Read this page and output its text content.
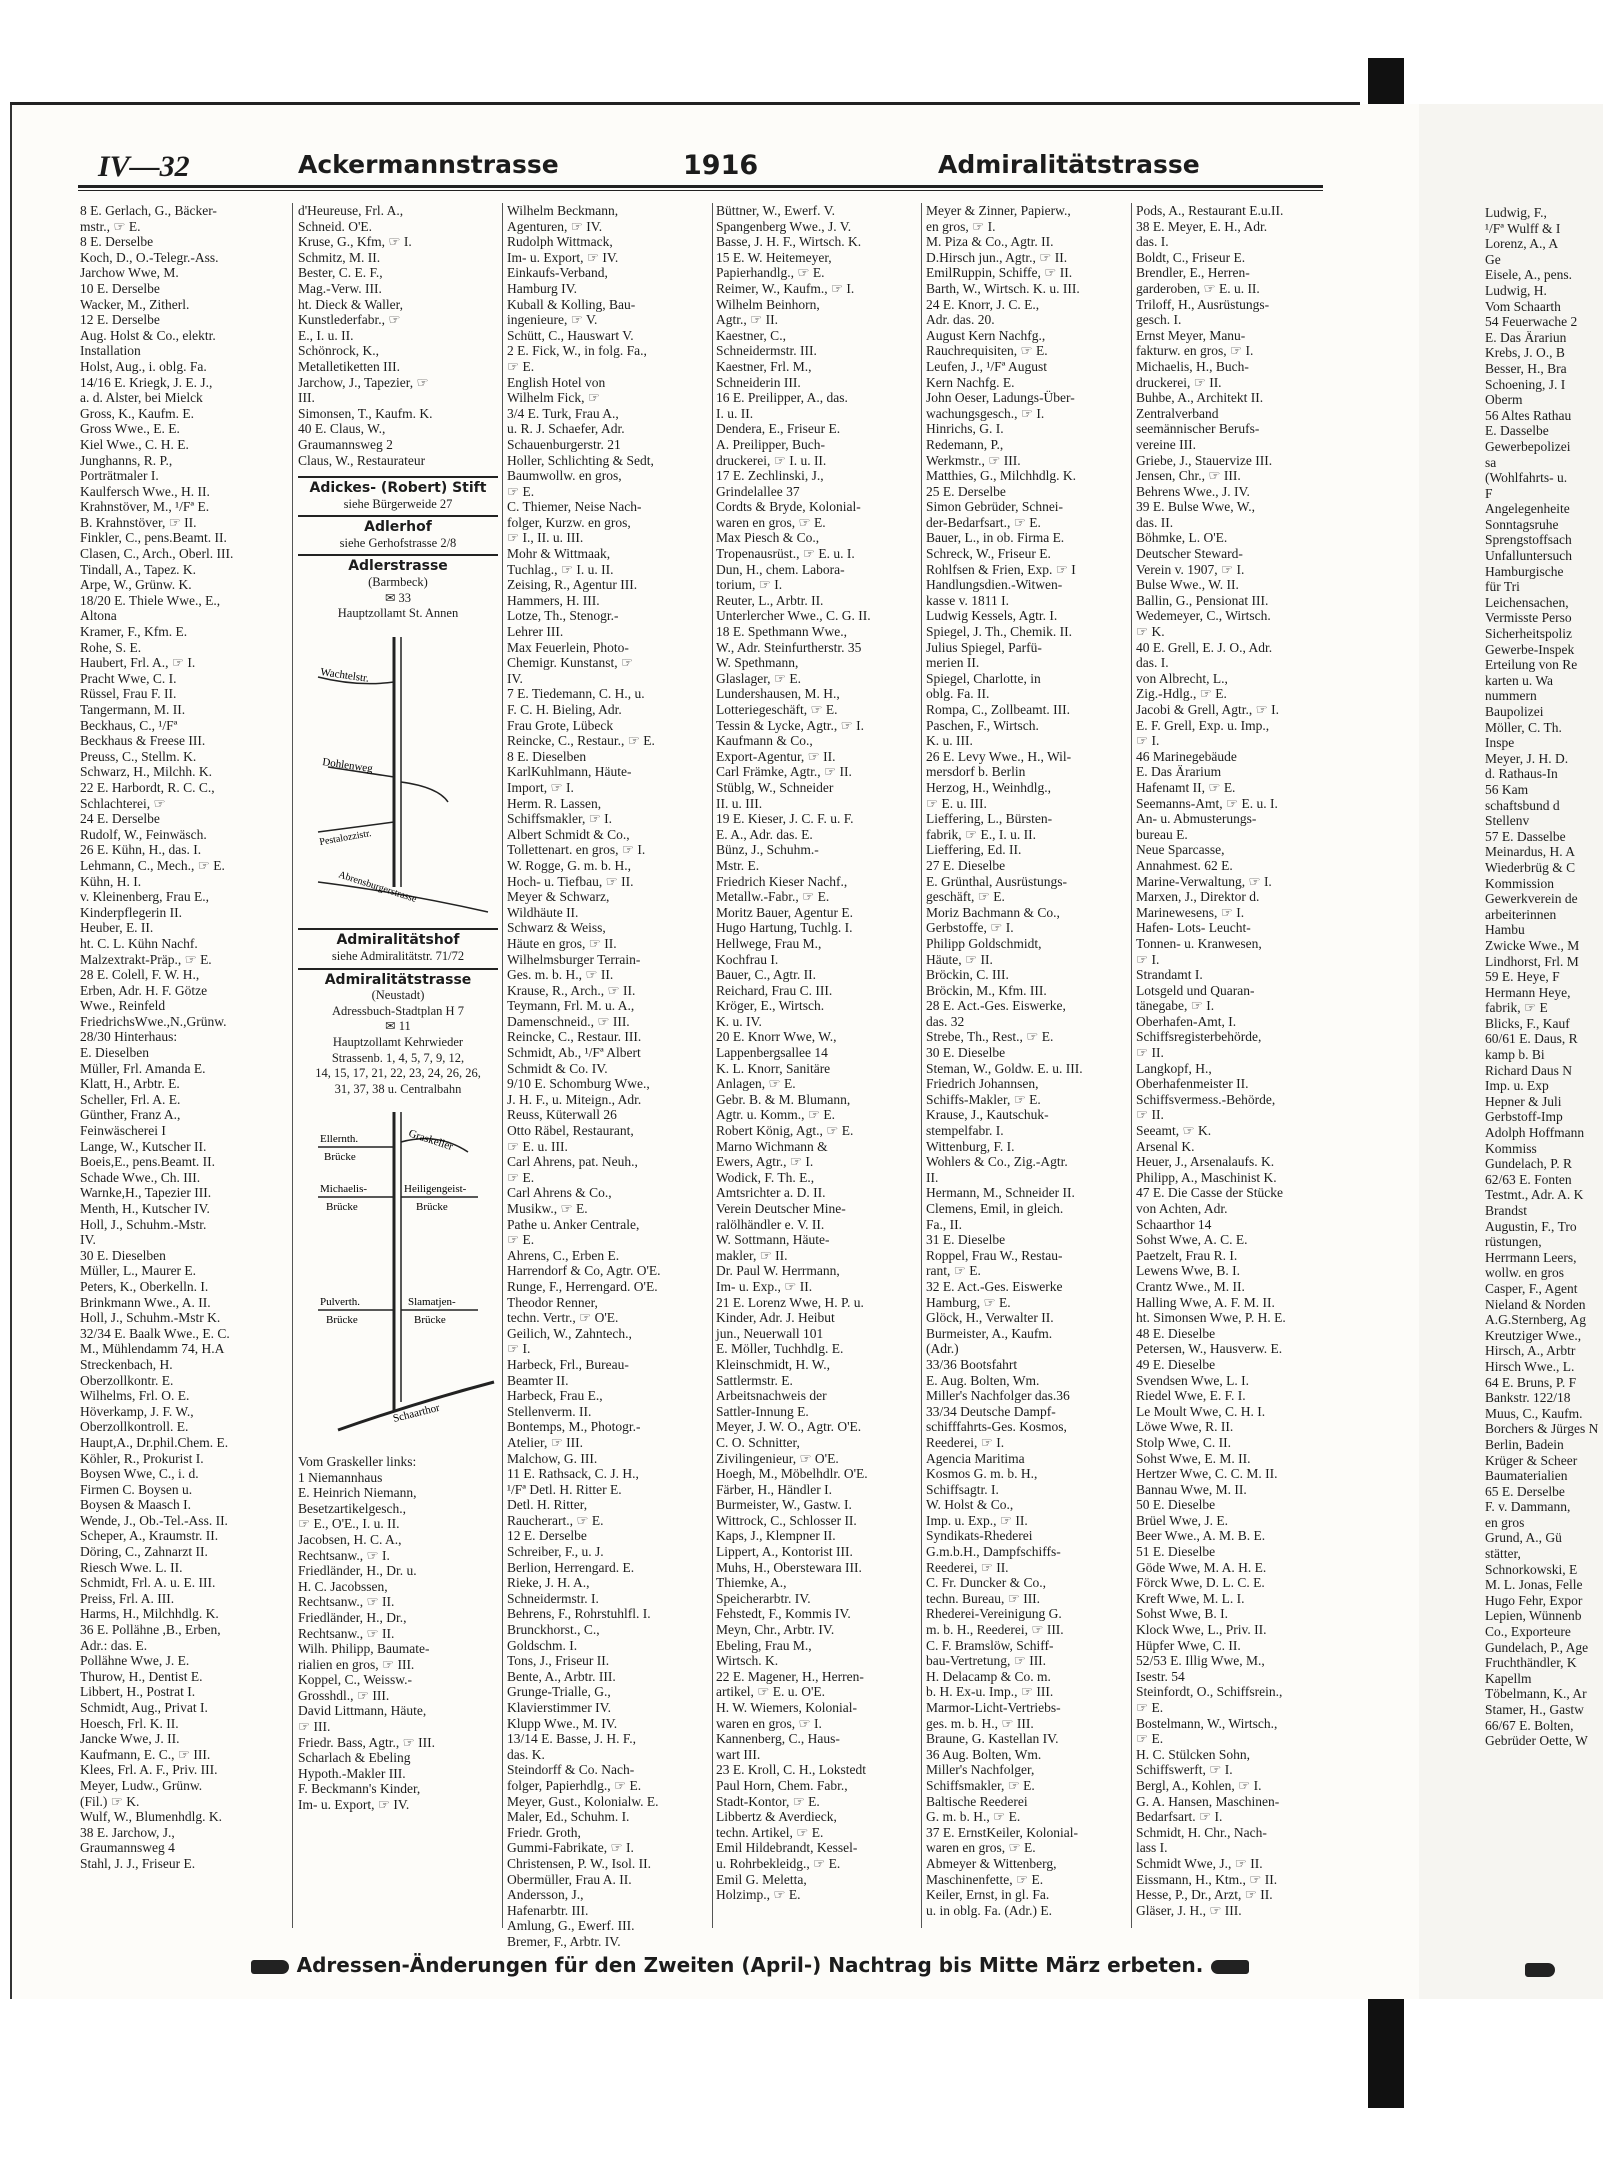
IV—32	Ackermannstrasse	1916	Admiralitätstrasse
8 E. Gerlach, G., Bäcker-
mstr., ☞ E.
8 E. Derselbe
Koch, D., O.-Telegr.-Ass.
Jarchow Wwe, M.
10 E. Derselbe
Wacker, M., Zitherl.
12 E. Derselbe
Aug. Holst & Co., elektr.
Installation
Holst, Aug., i. oblg. Fa.
14/16 E. Kriegk, J. E. J.,
a. d. Alster, bei Mielck
Gross, K., Kaufm. E.
Gross Wwe., E. E.
Kiel Wwe., C. H. E.
Junghanns, R. P.,
Porträtmaler I.
Kaulfersch Wwe., H. II.
Krahnstöver, M., ¹/Fª E.
B. Krahnstöver, ☞ II.
Finkler, C., pens.Beamt. II.
Clasen, C., Arch., Oberl. III.
Tindall, A., Tapez. K.
Arpe, W., Grünw. K.
18/20 E. Thiele Wwe., E.,
Altona
Kramer, F., Kfm. E.
Rohe, S. E.
Haubert, Frl. A., ☞ I.
Pracht Wwe, C. I.
Rüssel, Frau F. II.
Tangermann, M. II.
Beckhaus, C., ¹/Fª
Beckhaus & Freese III.
Preuss, C., Stellm. K.
Schwarz, H., Milchh. K.
22 E. Harbordt, R. C. C.,
Schlachterei, ☞
24 E. Derselbe
Rudolf, W., Feinwäsch.
26 E. Kühn, H., das. I.
Lehmann, C., Mech., ☞ E.
Kühn, H. I.
v. Kleinenberg, Frau E.,
Kinderpflegerin II.
Heuber, E. II.
ht. C. L. Kühn Nachf.
Malzextrakt-Präp., ☞ E.
28 E. Colell, F. W. H.,
Erben, Adr. H. F. Götze
Wwe., Reinfeld
FriedrichsWwe.,N.,Grünw.
28/30 Hinterhaus:
E. Dieselben
Müller, Frl. Amanda E.
Klatt, H., Arbtr. E.
Scheller, Frl. A. E.
Günther, Franz A.,
Feinwäscherei I
Lange, W., Kutscher II.
Boeis,E., pens.Beamt. II.
Schade Wwe., Ch. III.
Warnke,H., Tapezier III.
Menth, H., Kutscher IV.
Holl, J., Schuhm.-Mstr.
IV.
30 E. Dieselben
Müller, L., Maurer E.
Peters, K., Oberkelln. I.
Brinkmann Wwe., A. II.
Holl, J., Schuhm.-Mstr K.
32/34 E. Baalk Wwe., E. C.
M., Mühlendamm 74, H.A
Streckenbach, H.
Oberzollkontr. E.
Wilhelms, Frl. O. E.
Höverkamp, J. F. W.,
Oberzollkontroll. E.
Haupt,A., Dr.phil.Chem. E.
Köhler, R., Prokurist I.
Boysen Wwe, C., i. d.
Firmen C. Boysen u.
Boysen & Maasch I.
Wende, J., Ob.-Tel.-Ass. II.
Scheper, A., Kraumstr. II.
Döring, C., Zahnarzt II.
Riesch Wwe. L. II.
Schmidt, Frl. A. u. E. III.
Preiss, Frl. A. III.
Harms, H., Milchhdlg. K.
36 E. Pollähne ,B., Erben,
Adr.: das. E.
Pollähne Wwe, J. E.
Thurow, H., Dentist E.
Libbert, H., Postrat I.
Schmidt, Aug., Privat I.
Hoesch, Frl. K. II.
Jancke Wwe, J. II.
Kaufmann, E. C., ☞ III.
Klees, Frl. A. F., Priv. III.
Meyer, Ludw., Grünw.
(Fil.) ☞ K.
Wulf, W., Blumenhdlg. K.
38 E. Jarchow, J.,
Graumannsweg 4
Stahl, J. J., Friseur E.
d'Heureuse, Frl. A.,
Schneid. O'E.
Kruse, G., Kfm, ☞ I.
Schmitz, M. II.
Bester, C. E. F.,
Mag.-Verw. III.
ht. Dieck & Waller,
Kunstlederfabr., ☞
E., I. u. II.
Schönrock, K.,
Metalletiketten III.
Jarchow, J., Tapezier, ☞
III.
Simonsen, T., Kaufm. K.
40 E. Claus, W.,
Graumannsweg 2
Claus, W., Restaurateur
Adickes- (Robert) Stift
siehe Bürgerweide 27
Adlerhof
siehe Gerhofstrasse 2/8
Adlerstrasse
(Barmbeck)
✉ 33
Hauptzollamt St. Annen
Wachtelstr.
Dohlenweg
Pestalozzistr.
Abrensburgerstrasse
Admiralitätshof
siehe Admiralitätstr. 71/72
Admiralitätstrasse
(Neustadt)
Adressbuch-Stadtplan H 7
✉ 11
Hauptzollamt Kehrwieder
Strassenb. 1, 4, 5, 7, 9, 12,
14, 15, 17, 21, 22, 23, 24, 26, 26,
31, 37, 38 u. Centralbahn
Ellernth.
Brücke
Graskeller
Michaelis-
Brücke
Heiligengeist-
Brücke
Pulverth.
Brücke
Slamatjen-
Brücke
Schaarthor
Vom Graskeller links:
1 Niemannhaus
E. Heinrich Niemann,
Besetzartikelgesch.,
☞ E., O'E., I. u. II.
Jacobsen, H. C. A.,
Rechtsanw., ☞ I.
Friedländer, H., Dr. u.
H. C. Jacobssen,
Rechtsanw., ☞ II.
Friedländer, H., Dr.,
Rechtsanw., ☞ II.
Wilh. Philipp, Baumate-
rialien en gros, ☞ III.
Koppel, C., Weissw.-
Grosshdl., ☞ III.
David Littmann, Häute,
☞ III.
Friedr. Bass, Agtr., ☞ III.
Scharlach & Ebeling
Hypoth.-Makler III.
F. Beckmann's Kinder,
Im- u. Export, ☞ IV.
Wilhelm Beckmann,
Agenturen, ☞ IV.
Rudolph Wittmack,
Im- u. Export, ☞ IV.
Einkaufs-Verband,
Hamburg IV.
Kuball & Kolling, Bau-
ingenieure, ☞ V.
Schütt, C., Hauswart V.
2 E. Fick, W., in folg. Fa.,
☞ E.
English Hotel von
Wilhelm Fick, ☞
3/4 E. Turk, Frau A.,
u. R. J. Schaefer, Adr.
Schauenburgerstr. 21
Holler, Schlichting & Sedt,
Baumwollw. en gros,
☞ E.
C. Thiemer, Neise Nach-
folger, Kurzw. en gros,
☞ I., II. u. III.
Mohr & Wittmaak,
Tuchlag., ☞ I. u. II.
Zeising, R., Agentur III.
Hammers, H. III.
Lotze, Th., Stenogr.-
Lehrer III.
Max Feuerlein, Photo-
Chemigr. Kunstanst, ☞
IV.
7 E. Tiedemann, C. H., u.
F. C. H. Bieling, Adr.
Frau Grote, Lübeck
Reincke, C., Restaur., ☞ E.
8 E. Dieselben
KarlKuhlmann, Häute-
Import, ☞ I.
Herm. R. Lassen,
Schiffsmakler, ☞ I.
Albert Schmidt & Co.,
Tollettenart. en gros, ☞ I.
W. Rogge, G. m. b. H.,
Hoch- u. Tiefbau, ☞ II.
Meyer & Schwarz,
Wildhäute II.
Schwarz & Weiss,
Häute en gros, ☞ II.
Wilhelmsburger Terrain-
Ges. m. b. H., ☞ II.
Krause, R., Arch., ☞ II.
Teymann, Frl. M. u. A.,
Damenschneid., ☞ III.
Reincke, C., Restaur. III.
Schmidt, Ab., ¹/Fª Albert
Schmidt & Co. IV.
9/10 E. Schomburg Wwe.,
J. H. F., u. Miteign., Adr.
Reuss, Küterwall 26
Otto Räbel, Restaurant,
☞ E. u. III.
Carl Ahrens, pat. Neuh.,
☞ E.
Carl Ahrens & Co.,
Musikw., ☞ E.
Pathe u. Anker Centrale,
☞ E.
Ahrens, C., Erben E.
Harrendorf & Co, Agtr. O'E.
Runge, F., Herrengard. O'E.
Theodor Renner,
techn. Vertr., ☞ O'E.
Geilich, W., Zahntech.,
☞ I.
Harbeck, Frl., Bureau-
Beamter II.
Harbeck, Frau E.,
Stellenverm. II.
Bontemps, M., Photogr.-
Atelier, ☞ III.
Malchow, G. III.
11 E. Rathsack, C. J. H.,
¹/Fª Detl. H. Ritter E.
Detl. H. Ritter,
Raucherart., ☞ E.
12 E. Derselbe
Schreiber, F., u. J.
Berlion, Herrengard. E.
Rieke, J. H. A.,
Schneidermstr. I.
Behrens, F., Rohrstuhlfl. I.
Brunckhorst., C.,
Goldschm. I.
Tons, J., Friseur II.
Bente, A., Arbtr. III.
Grunge-Trialle, G.,
Klavierstimmer IV.
Klupp Wwe., M. IV.
13/14 E. Basse, J. H. F.,
das. K.
Steindorff & Co. Nach-
folger, Papierhdlg., ☞ E.
Meyer, Gust., Kolonialw. E.
Maler, Ed., Schuhm. I.
Friedr. Groth,
Gummi-Fabrikate, ☞ I.
Christensen, P. W., Isol. II.
Obermüller, Frau A. II.
Andersson, J.,
Hafenarbtr. III.
Amlung, G., Ewerf. III.
Bremer, F., Arbtr. IV.
Büttner, W., Ewerf. V.
Spangenberg Wwe., J. V.
Basse, J. H. F., Wirtsch. K.
15 E. W. Heitemeyer,
Papierhandlg., ☞ E.
Reimer, W., Kaufm., ☞ I.
Wilhelm Beinhorn,
Agtr., ☞ II.
Kaestner, C.,
Schneidermstr. III.
Kaestner, Frl. M.,
Schneiderin III.
16 E. Preilipper, A., das.
I. u. II.
Dendera, E., Friseur E.
A. Preilipper, Buch-
druckerei, ☞ I. u. II.
17 E. Zechlinski, J.,
Grindelallee 37
Cordts & Bryde, Kolonial-
waren en gros, ☞ E.
Max Piesch & Co.,
Tropenausrüst., ☞ E. u. I.
Dun, H., chem. Labora-
torium, ☞ I.
Reuter, L., Arbtr. II.
Unterlercher Wwe., C. G. II.
18 E. Spethmann Wwe.,
W., Adr. Steinfurtherstr. 35
W. Spethmann,
Glaslager, ☞ E.
Lundershausen, M. H.,
Lotteriegeschäft, ☞ E.
Tessin & Lycke, Agtr., ☞ I.
Kaufmann & Co.,
Export-Agentur, ☞ II.
Carl Främke, Agtr., ☞ II.
Stüblg, W., Schneider
II. u. III.
19 E. Kieser, J. C. F. u. F.
E. A., Adr. das. E.
Bünz, J., Schuhm.-
Mstr. E.
Friedrich Kieser Nachf.,
Metallw.-Fabr., ☞ E.
Moritz Bauer, Agentur E.
Hugo Hartung, Tuchlg. I.
Hellwege, Frau M.,
Kochfrau I.
Bauer, C., Agtr. II.
Reichard, Frau C. III.
Kröger, E., Wirtsch.
K. u. IV.
20 E. Knorr Wwe, W.,
Lappenbergsallee 14
K. L. Knorr, Sanitäre
Anlagen, ☞ E.
Gebr. B. & M. Blumann,
Agtr. u. Komm., ☞ E.
Robert König, Agt., ☞ E.
Marno Wichmann &
Ewers, Agtr., ☞ I.
Wodick, F. Th. E.,
Amtsrichter a. D. II.
Verein Deutscher Mine-
ralölhändler e. V. II.
W. Sottmann, Häute-
makler, ☞ II.
Dr. Paul W. Herrmann,
Im- u. Exp., ☞ II.
21 E. Lorenz Wwe, H. P. u.
Kinder, Adr. J. Heibut
jun., Neuerwall 101
E. Möller, Tuchhdlg. E.
Kleinschmidt, H. W.,
Sattlermstr. E.
Arbeitsnachweis der
Sattler-Innung E.
Meyer, J. W. O., Agtr. O'E.
C. O. Schnitter,
Zivilingenieur, ☞ O'E.
Hoegh, M., Möbelhdlr. O'E.
Färber, H., Händler I.
Burmeister, W., Gastw. I.
Wittrock, C., Schlosser II.
Kaps, J., Klempner II.
Lippert, A., Kontorist III.
Muhs, H., Oberstewara III.
Thiemke, A.,
Speicherarbtr. IV.
Fehstedt, F., Kommis IV.
Meyn, Chr., Arbtr. IV.
Ebeling, Frau M.,
Wirtsch. K.
22 E. Magener, H., Herren-
artikel, ☞ E. u. O'E.
H. W. Wiemers, Kolonial-
waren en gros, ☞ I.
Kannenberg, C., Haus-
wart III.
23 E. Kroll, C. H., Lokstedt
Paul Horn, Chem. Fabr.,
Stadt-Kontor, ☞ E.
Libbertz & Averdieck,
techn. Artikel, ☞ E.
Emil Hildebrandt, Kessel-
u. Rohrbekleidg., ☞ E.
Emil G. Meletta,
Holzimp., ☞ E.
Meyer & Zinner, Papierw.,
en gros, ☞ I.
M. Piza & Co., Agtr. II.
D.Hirsch jun., Agtr., ☞ II.
EmilRuppin, Schiffe, ☞ II.
Barth, W., Wirtsch. K. u. III.
24 E. Knorr, J. C. E.,
Adr. das. 20.
August Kern Nachfg.,
Rauchrequisiten, ☞ E.
Leufen, J., ¹/Fª August
Kern Nachfg. E.
John Oeser, Ladungs-Über-
wachungsgesch., ☞ I.
Hinrichs, G. I.
Redemann, P.,
Werkmstr., ☞ III.
Matthies, G., Milchhdlg. K.
25 E. Derselbe
Simon Gebrüder, Schnei-
der-Bedarfsart., ☞ E.
Bauer, L., in ob. Firma E.
Schreck, W., Friseur E.
Rohlfsen & Frien, Exp. ☞ I
Handlungsdien.-Witwen-
kasse v. 1811 I.
Ludwig Kessels, Agtr. I.
Spiegel, J. Th., Chemik. II.
Julius Spiegel, Parfü-
merien II.
Spiegel, Charlotte, in
oblg. Fa. II.
Rompa, C., Zollbeamt. III.
Paschen, F., Wirtsch.
K. u. III.
26 E. Levy Wwe., H., Wil-
mersdorf b. Berlin
Herzog, H., Weinhdlg.,
☞ E. u. III.
Lieffering, L., Bürsten-
fabrik, ☞ E., I. u. II.
Lieffering, Ed. II.
27 E. Dieselbe
E. Grünthal, Ausrüstungs-
geschäft, ☞ E.
Moriz Bachmann & Co.,
Gerbstoffe, ☞ I.
Philipp Goldschmidt,
Häute, ☞ II.
Bröckin, C. III.
Bröckin, M., Kfm. III.
28 E. Act.-Ges. Eiswerke,
das. 32
Strebe, Th., Rest., ☞ E.
30 E. Dieselbe
Steman, W., Goldw. E. u. III.
Friedrich Johannsen,
Schiffs-Makler, ☞ E.
Krause, J., Kautschuk-
stempelfabr. I.
Wittenburg, F. I.
Wohlers & Co., Zig.-Agtr.
II.
Hermann, M., Schneider II.
Clemens, Emil, in gleich.
Fa., II.
31 E. Dieselbe
Roppel, Frau W., Restau-
rant, ☞ E.
32 E. Act.-Ges. Eiswerke
Hamburg, ☞ E.
Glöck, H., Verwalter II.
Burmeister, A., Kaufm.
(Adr.)
33/36 Bootsfahrt
E. Aug. Bolten, Wm.
Miller's Nachfolger das.36
33/34 Deutsche Dampf-
schifffahrts-Ges. Kosmos,
Reederei, ☞ I.
Agencia Maritima
Kosmos G. m. b. H.,
Schiffsagtr. I.
W. Holst & Co.,
Imp. u. Exp., ☞ II.
Syndikats-Rhederei
G.m.b.H., Dampfschiffs-
Reederei, ☞ II.
C. Fr. Duncker & Co.,
techn. Bureau, ☞ III.
Rhederei-Vereinigung G.
m. b. H., Reederei, ☞ III.
C. F. Bramslöw, Schiff-
bau-Vertretung, ☞ III.
H. Delacamp & Co. m.
b. H. Ex-u. Imp., ☞ III.
Marmor-Licht-Vertriebs-
ges. m. b. H., ☞ III.
Braune, G. Kastellan IV.
36 Aug. Bolten, Wm.
Miller's Nachfolger,
Schiffsmakler, ☞ E.
Baltische Reederei
G. m. b. H., ☞ E.
37 E. ErnstKeiler, Kolonial-
waren en gros, ☞ E.
Abmeyer & Wittenberg,
Maschinenfette, ☞ E.
Keiler, Ernst, in gl. Fa.
u. in oblg. Fa. (Adr.) E.
Pods, A., Restaurant E.u.II.
38 E. Meyer, E. H., Adr.
das. I.
Boldt, C., Friseur E.
Brendler, E., Herren-
garderoben, ☞ E. u. II.
Triloff, H., Ausrüstungs-
gesch. I.
Ernst Meyer, Manu-
fakturw. en gros, ☞ I.
Michaelis, H., Buch-
druckerei, ☞ II.
Buhbe, A., Architekt II.
Zentralverband
seemännischer Berufs-
vereine III.
Griebe, J., Stauervize III.
Jensen, Chr., ☞ III.
Behrens Wwe., J. IV.
39 E. Bulse Wwe, W.,
das. II.
Böhmke, L. O'E.
Deutscher Steward-
Verein v. 1907, ☞ I.
Bulse Wwe., W. II.
Ballin, G., Pensionat III.
Wedemeyer, C., Wirtsch.
☞ K.
40 E. Grell, E. J. O., Adr.
das. I.
von Albrecht, L.,
Zig.-Hdlg., ☞ E.
Jacobi & Grell, Agtr., ☞ I.
E. F. Grell, Exp. u. Imp.,
☞ I.
46 Marinegebäude
E. Das Ärarium
Hafenamt II, ☞ E.
Seemanns-Amt, ☞ E. u. I.
An- u. Abmusterungs-
bureau E.
Neue Sparcasse,
Annahmest. 62 E.
Marine-Verwaltung, ☞ I.
Marxen, J., Direktor d.
Marinewesens, ☞ I.
Hafen- Lots- Leucht-
Tonnen- u. Kranwesen,
☞ I.
Strandamt I.
Lotsgeld und Quaran-
tänegabe, ☞ I.
Oberhafen-Amt, I.
Schiffsregisterbehörde,
☞ II.
Langkopf, H.,
Oberhafenmeister II.
Schiffsvermess.-Behörde,
☞ II.
Seeamt, ☞ K.
Arsenal K.
Heuer, J., Arsenalaufs. K.
Philipp, A., Maschinist K.
47 E. Die Casse der Stücke
von Achten, Adr.
Schaarthor 14
Sohst Wwe, A. C. E.
Paetzelt, Frau R. I.
Lewens Wwe, B. I.
Crantz Wwe., M. II.
Halling Wwe, A. F. M. II.
ht. Simonsen Wwe, P. H. E.
48 E. Dieselbe
Petersen, W., Hausverw. E.
49 E. Dieselbe
Svendsen Wwe, L. I.
Riedel Wwe, E. F. I.
Le Moult Wwe, C. H. I.
Löwe Wwe, R. II.
Stolp Wwe, C. II.
Sohst Wwe, E. M. II.
Hertzer Wwe, C. C. M. II.
Bannau Wwe, M. II.
50 E. Dieselbe
Brüel Wwe, J. E.
Beer Wwe., A. M. B. E.
51 E. Dieselbe
Göde Wwe, M. A. H. E.
Förck Wwe, D. L. C. E.
Kreft Wwe, M. L. I.
Sohst Wwe, B. I.
Klock Wwe, L., Priv. II.
Hüpfer Wwe, C. II.
52/53 E. Illig Wwe, M.,
Isestr. 54
Steinfordt, O., Schiffsrein.,
☞ E.
Bostelmann, W., Wirtsch.,
☞ E.
H. C. Stülcken Sohn,
Schiffswerft, ☞ I.
Bergl, A., Kohlen, ☞ I.
G. A. Hansen, Maschinen-
Bedarfsart. ☞ I.
Schmidt, H. Chr., Nach-
lass I.
Schmidt Wwe, J., ☞ II.
Eissmann, H., Ktm., ☞ II.
Hesse, P., Dr., Arzt, ☞ II.
Gläser, J. H., ☞ III.
Ludwig, F.,
¹/Fª Wulff & I
Lorenz, A., A
Ge
Eisele, A., pens.
Ludwig, H.
Vom Schaarth
54 Feuerwache 2
E. Das Ärariun
Krebs, J. O., B
Besser, H., Bra
Schoening, J. I
Oberm
56 Altes Rathau
E. Dasselbe
Gewerbepolizei
sa
(Wohlfahrts- u.
F
Angelegenheite
Sonntagsruhe
Sprengstoffsach
Unfalluntersuch
Hamburgische
für Tri
Leichensachen,
Vermisste Perso
Sicherheitspoliz
Gewerbe-Inspek
Erteilung von Re
karten u. Wa
nummern
Baupolizei
Möller, C. Th.
Inspe
Meyer, J. H. D.
d. Rathaus-In
56 Kam
schaftsbund d
Stellenv
57 E. Dasselbe
Meinardus, H. A
Wiederbrüg & C
Kommission
Gewerkverein de
arbeiterinnen
Hambu
Zwicke Wwe., M
Lindhorst, Frl. M
59 E. Heye, F
Hermann Heye,
fabrik, ☞ E
Blicks, F., Kauf
60/61 E. Daus, R
kamp b. Bi
Richard Daus N
Imp. u. Exp
Hepner & Juli
Gerbstoff-Imp
Adolph Hoffmann
Kommiss
Gundelach, P. R
62/63 E. Fonten
Testmt., Adr. A. K
Brandst
Augustin, F., Tro
rüstungen,
Herrmann Leers,
wollw. en gros
Casper, F., Agent
Nieland & Norden
A.G.Sternberg, Ag
Kreutziger Wwe.,
Hirsch, A., Arbtr
Hirsch Wwe., L.
64 E. Bruns, P. F
Bankstr. 122/18
Muus, C., Kaufm.
Borchers & Jürges N
Berlin, Badein
Krüger & Scheer
Baumaterialien
65 E. Derselbe
F. v. Dammann,
en gros
Grund, A., Gü
stätter,
Schnorkowski, E
M. L. Jonas, Felle
Hugo Fehr, Expor
Lepien, Wünnenb
Co., Exporteure
Gundelach, P., Age
Fruchthändler, K
Kapellm
Töbelmann, K., Ar
Stamer, H., Gastw
66/67 E. Bolten,
Gebrüder Oette, W
Adressen-Änderungen für den Zweiten (April-) Nachtrag bis Mitte März erbeten.
